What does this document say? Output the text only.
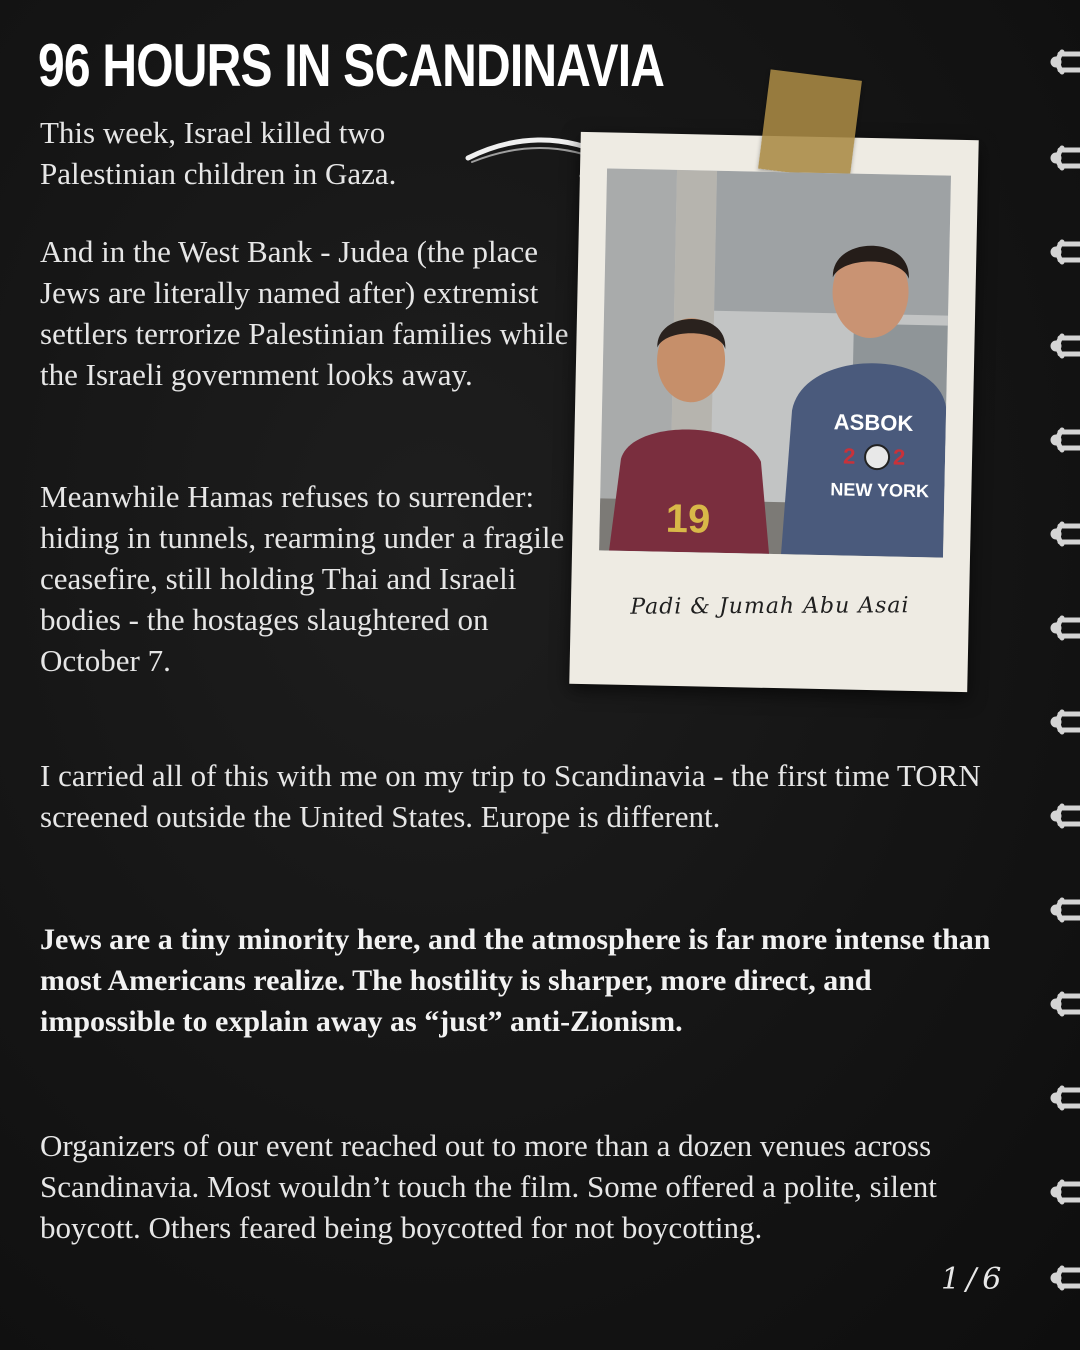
96 HOURS IN SCANDINAVIA

This week, Israel killed two Palestinian children in Gaza.

And in the West Bank - Judea (the place Jews are literally named after) extremist settlers terrorize Palestinian families while the Israeli government looks away.

Meanwhile Hamas refuses to surrender: hiding in tunnels, rearming under a fragile ceasefire, still holding Thai and Israeli bodies - the hostages slaughtered on October 7.

I carried all of this with me on my trip to Scandinavia - the first time TORN screened outside the United States. Europe is different.

Jews are a tiny minority here, and the atmosphere is far more intense than most Americans realize. The hostility is sharper, more direct, and impossible to explain away as “just” anti-Zionism.

Organizers of our event reached out to more than a dozen venues across Scandinavia. Most wouldn’t touch the film. Some offered a polite, silent boycott. Others feared being boycotted for not boycotting.

19
ASBOK
2 2
NEW YORK
Padi & Jumah Abu Asai
1/6
